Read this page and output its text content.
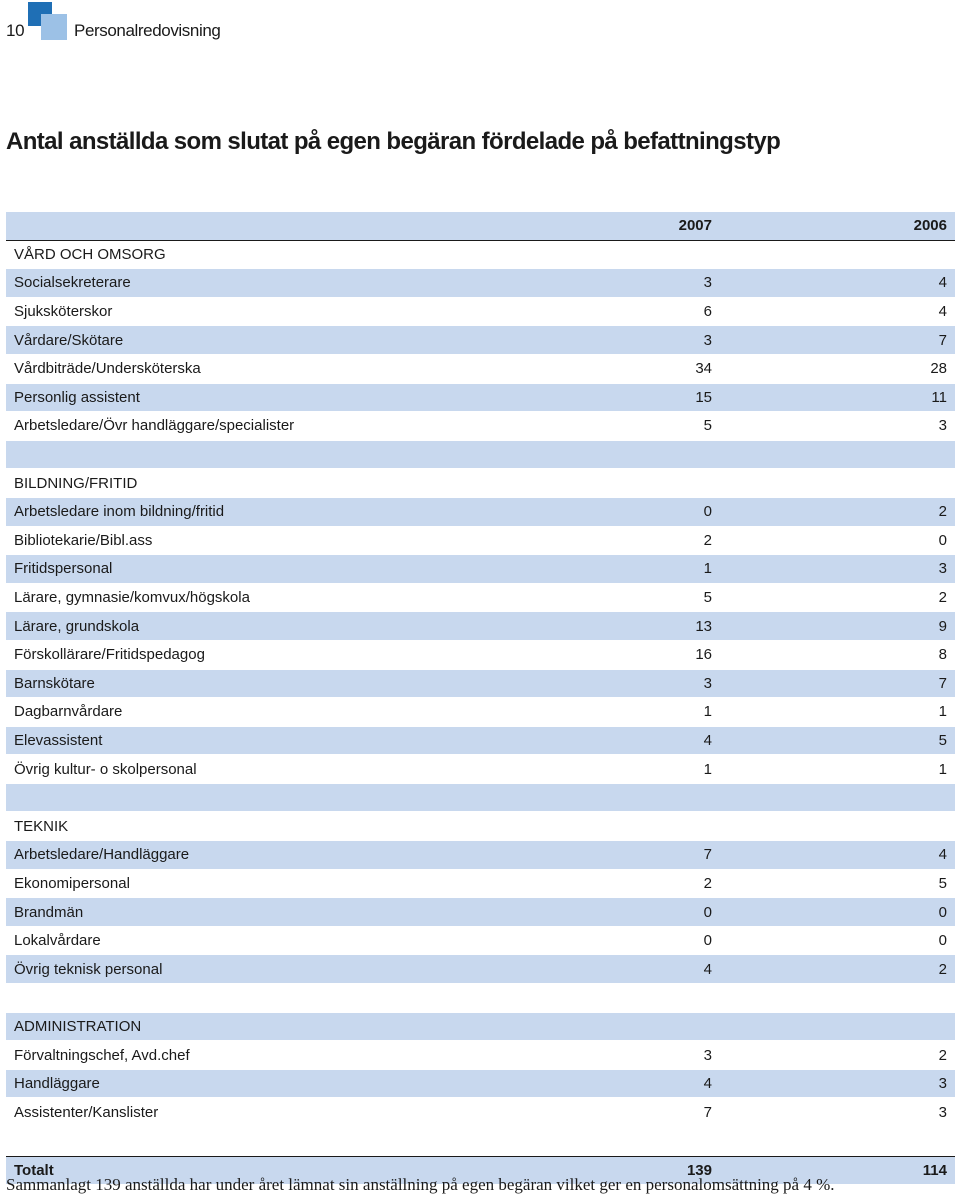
10	Personalredovisning
Antal anställda som slutat på egen begäran fördelade på befattningstyp
2007	2006
VÅRD OCH OMSORG
Socialsekreterare	3	4
Sjuksköterskor	6	4
Vårdare/Skötare	3	7
Vårdbiträde/Undersköterska	34	28
Personlig assistent	15	11
Arbetsledare/Övr handläggare/specialister	5	3
BILDNING/FRITID
Arbetsledare inom bildning/fritid	0	2
Bibliotekarie/Bibl.ass	2	0
Fritidspersonal	1	3
Lärare, gymnasie/komvux/högskola	5	2
Lärare, grundskola	13	9
Förskollärare/Fritidspedagog	16	8
Barnskötare	3	7
Dagbarnvårdare	1	1
Elevassistent	4	5
Övrig kultur- o skolpersonal	1	1
TEKNIK
Arbetsledare/Handläggare	7	4
Ekonomipersonal	2	5
Brandmän	0	0
Lokalvårdare	0	0
Övrig teknisk personal	4	2
ADMINISTRATION
Förvaltningschef, Avd.chef	3	2
Handläggare	4	3
Assistenter/Kanslister	7	3
Totalt	139	114
Sammanlagt 139 anställda har under året lämnat sin anställning på egen begäran vilket ger en personalomsättning på 4 %.
